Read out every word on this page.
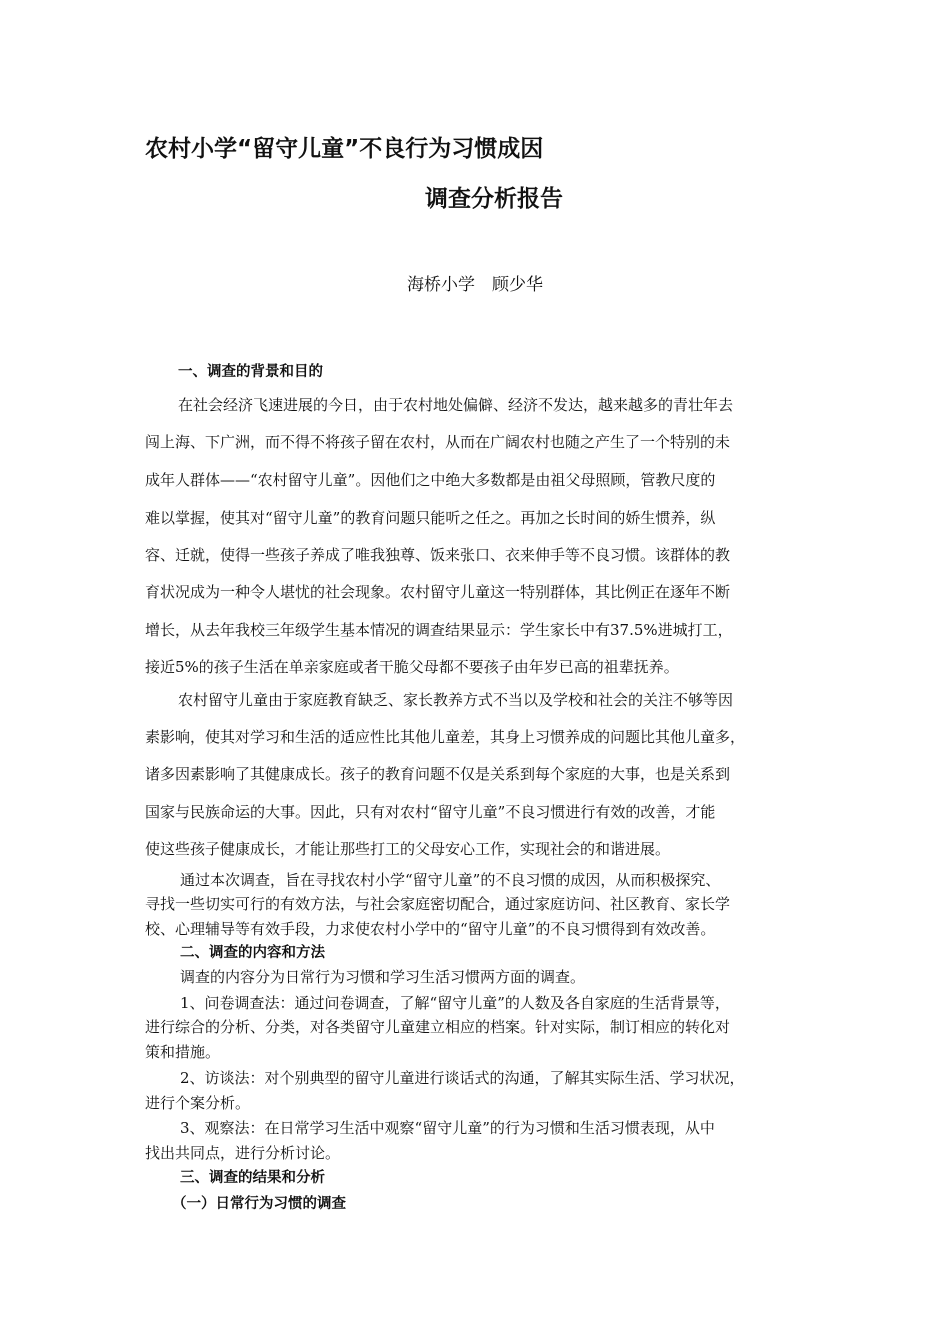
农村小学“留守儿童”不良行为习惯成因
调查分析报告
海桥小学　顾少华
一、调查的背景和目的
在社会经济飞速进展的今日，由于农村地处偏僻、经济不发达，越来越多的青壮年去
闯上海、下广洲，而不得不将孩子留在农村，从而在广阔农村也随之产生了一个特别的未
成年人群体——“农村留守儿童”。因他们之中绝大多数都是由祖父母照顾，管教尺度的
难以掌握，使其对“留守儿童”的教育问题只能听之任之。再加之长时间的娇生惯养，纵
容、迁就，使得一些孩子养成了唯我独尊、饭来张口、衣来伸手等不良习惯。该群体的教
育状况成为一种令人堪忧的社会现象。农村留守儿童这一特别群体，其比例正在逐年不断
增长，从去年我校三年级学生基本情况的调查结果显示：学生家长中有37.5%进城打工，
接近5%的孩子生活在单亲家庭或者干脆父母都不要孩子由年岁已高的祖辈抚养。
农村留守儿童由于家庭教育缺乏、家长教养方式不当以及学校和社会的关注不够等因
素影响，使其对学习和生活的适应性比其他儿童差，其身上习惯养成的问题比其他儿童多，
诸多因素影响了其健康成长。孩子的教育问题不仅是关系到每个家庭的大事，也是关系到
国家与民族命运的大事。因此，只有对农村“留守儿童”不良习惯进行有效的改善，才能
使这些孩子健康成长，才能让那些打工的父母安心工作，实现社会的和谐进展。
通过本次调查，旨在寻找农村小学“留守儿童”的不良习惯的成因，从而积极探究、
寻找一些切实可行的有效方法，与社会家庭密切配合，通过家庭访问、社区教育、家长学
校、心理辅导等有效手段，力求使农村小学中的“留守儿童”的不良习惯得到有效改善。
二、调查的内容和方法
调查的内容分为日常行为习惯和学习生活习惯两方面的调查。
1、问卷调查法：通过问卷调查，了解“留守儿童”的人数及各自家庭的生活背景等，
进行综合的分析、分类，对各类留守儿童建立相应的档案。针对实际，制订相应的转化对
策和措施。
2、访谈法：对个别典型的留守儿童进行谈话式的沟通，了解其实际生活、学习状况，
进行个案分析。
3、观察法：在日常学习生活中观察“留守儿童”的行为习惯和生活习惯表现，从中
找出共同点，进行分析讨论。
三、调查的结果和分析
（一）日常行为习惯的调查
